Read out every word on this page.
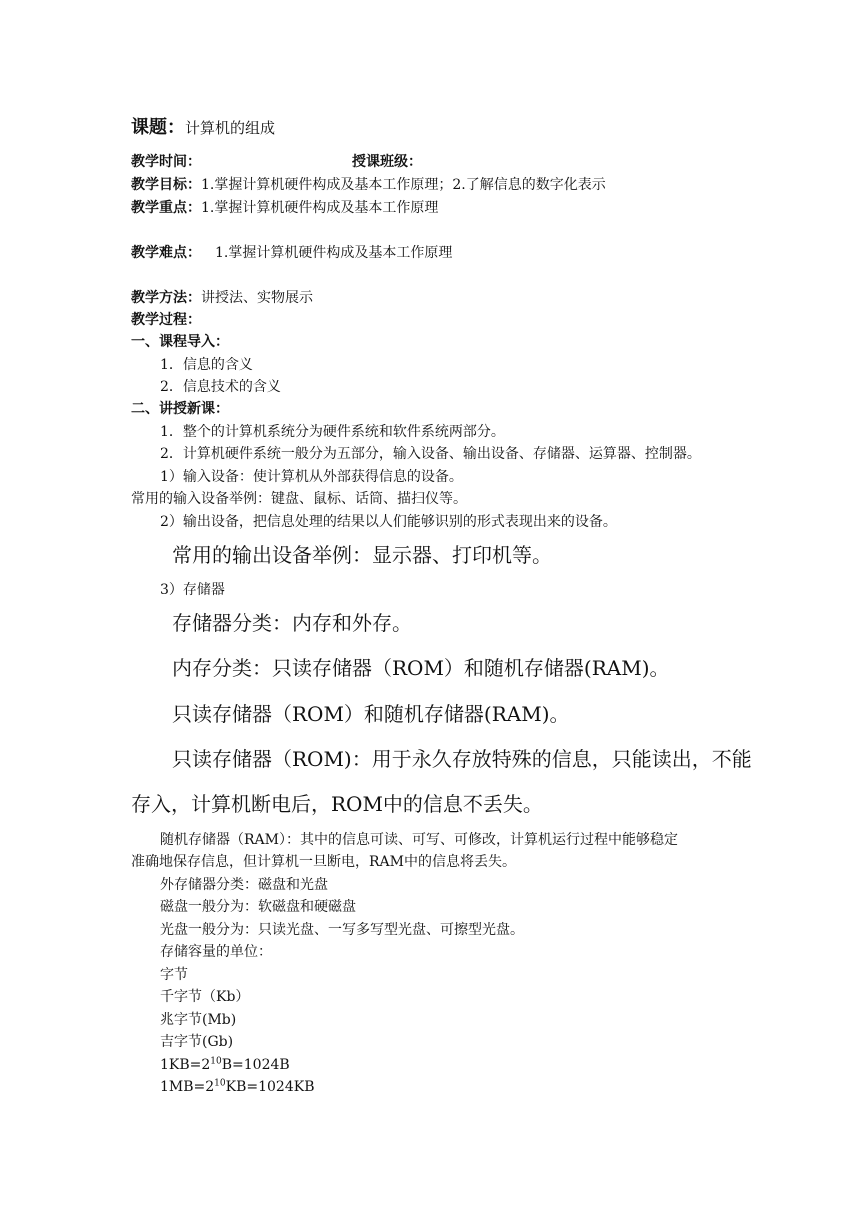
课题：计算机的组成
教学时间：	授课班级：
教学目标：1.掌握计算机硬件构成及基本工作原理；2.了解信息的数字化表示
教学重点：1.掌握计算机硬件构成及基本工作原理
教学难点： 1.掌握计算机硬件构成及基本工作原理
教学方法：讲授法、实物展示
教学过程：
一、课程导入：
1．信息的含义
2．信息技术的含义
二、讲授新课：
1．整个的计算机系统分为硬件系统和软件系统两部分。
2．计算机硬件系统一般分为五部分，输入设备、输出设备、存储器、运算器、控制器。
1）输入设备：使计算机从外部获得信息的设备。
常用的输入设备举例：键盘、鼠标、话筒、描扫仪等。
2）输出设备，把信息处理的结果以人们能够识别的形式表现出来的设备。
常用的输出设备举例：显示器、打印机等。
3）存储器
存储器分类：内存和外存。
内存分类：只读存储器（ROM）和随机存储器(RAM)。
只读存储器（ROM）和随机存储器(RAM)。
只读存储器（ROM)：用于永久存放特殊的信息，只能读出，不能
存入，计算机断电后，ROM中的信息不丢失。
随机存储器（RAM）：其中的信息可读、可写、可修改，计算机运行过程中能够稳定
准确地保存信息，但计算机一旦断电，RAM中的信息将丢失。
外存储器分类：磁盘和光盘
磁盘一般分为：软磁盘和硬磁盘
光盘一般分为：只读光盘、一写多写型光盘、可擦型光盘。
存储容量的单位：
字节
千字节（Kb）
兆字节(Mb)
吉字节(Gb)
$1KB=2^{10}B=1024B$
$1MB=2^{10}KB=1024KB$
